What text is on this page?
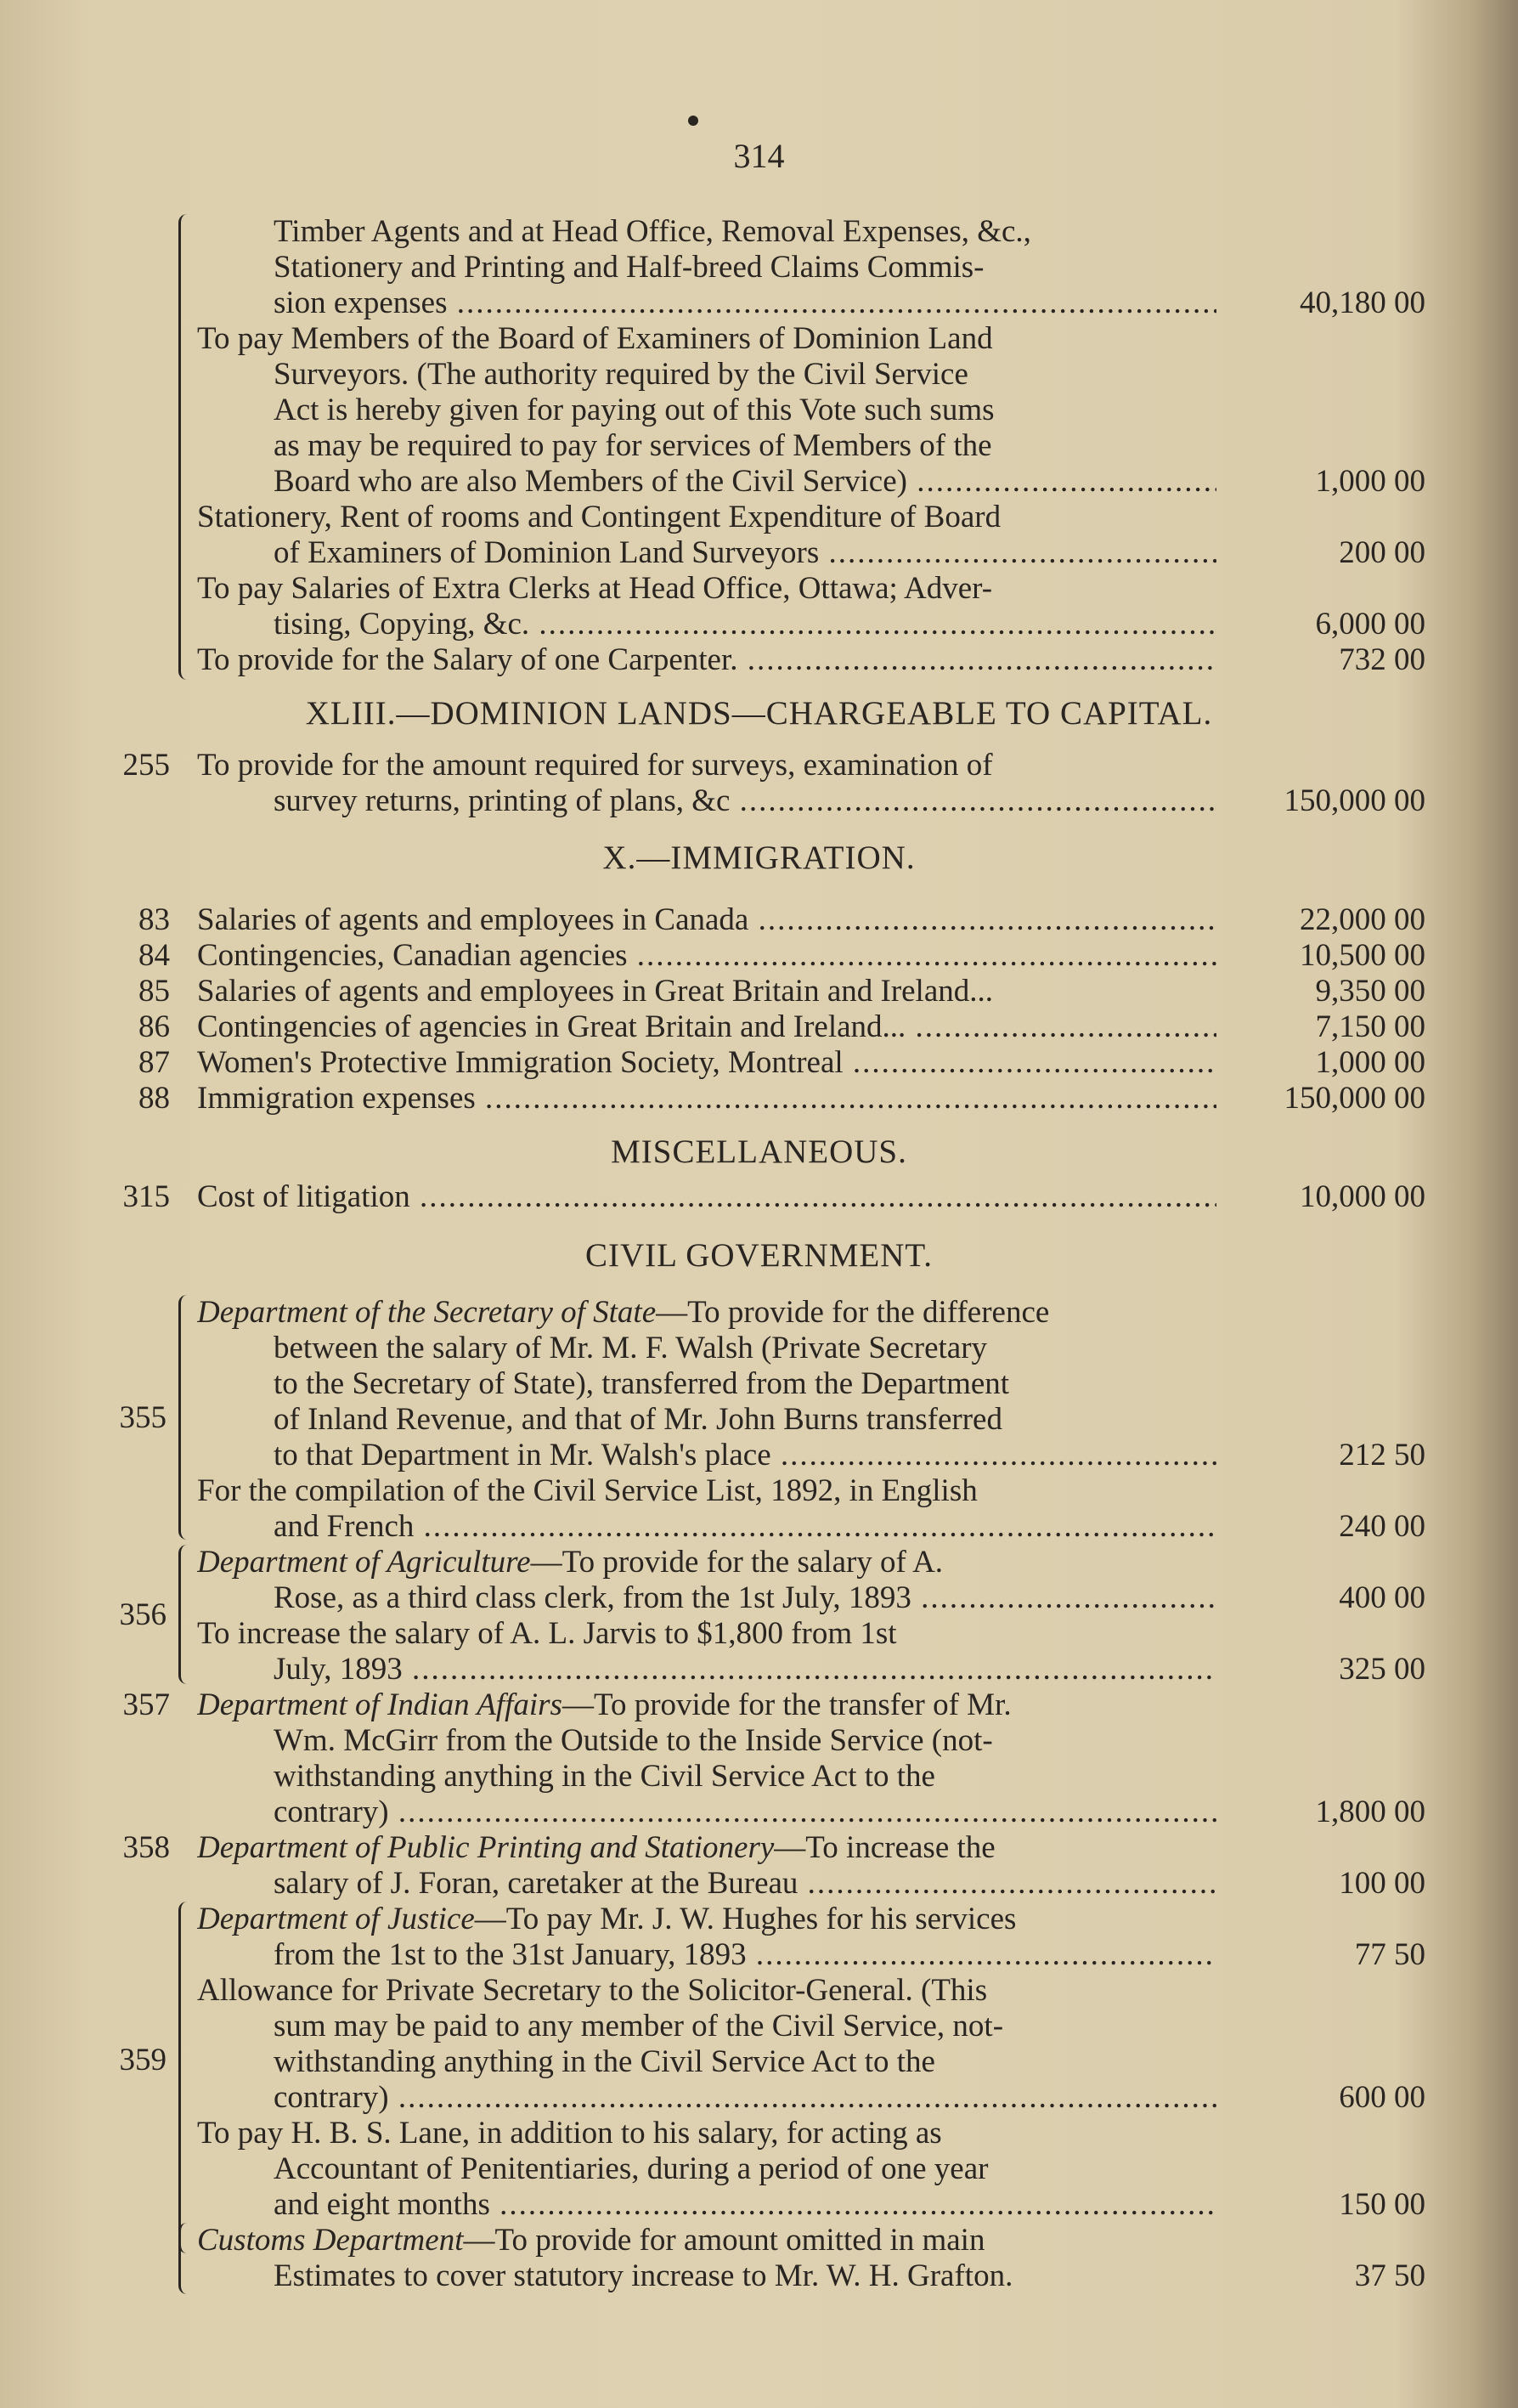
314
Timber Agents and at Head Office, Removal Expenses, &c.,
Stationery and Printing and Half-breed Claims Commis-
sion expenses .....	40,180 00
To pay Members of the Board of Examiners of Dominion Land
Surveyors. (The authority required by the Civil Service
Act is hereby given for paying out of this Vote such sums
as may be required to pay for services of Members of the
Board who are also Members of the Civil Service) .....	1,000 00
Stationery, Rent of rooms and Contingent Expenditure of Board
of Examiners of Dominion Land Surveyors .....	200 00
To pay Salaries of Extra Clerks at Head Office, Ottawa; Adver-
tising, Copying, &c. .....	6,000 00
To provide for the Salary of one Carpenter. .....	732 00
XLIII.—DOMINION LANDS—CHARGEABLE TO CAPITAL.
255 To provide for the amount required for surveys, examination of
survey returns, printing of plans, &c .....	150,000 00
X.—IMMIGRATION.
83 Salaries of agents and employees in Canada .....	22,000 00
84 Contingencies, Canadian agencies .....	10,500 00
85 Salaries of agents and employees in Great Britain and Ireland...	9,350 00
86 Contingencies of agencies in Great Britain and Ireland... .....	7,150 00
87 Women's Protective Immigration Society, Montreal .....	1,000 00
88 Immigration expenses .....	150,000 00
MISCELLANEOUS.
315 Cost of litigation .....	10,000 00
CIVIL GOVERNMENT.
355
Department of the Secretary of State—To provide for the difference
between the salary of Mr. M. F. Walsh (Private Secretary
to the Secretary of State), transferred from the Department
of Inland Revenue, and that of Mr. John Burns transferred
to that Department in Mr. Walsh's place .....	212 50
For the compilation of the Civil Service List, 1892, in English
and French .....	240 00
356
Department of Agriculture—To provide for the salary of A.
Rose, as a third class clerk, from the 1st July, 1893 .....	400 00
To increase the salary of A. L. Jarvis to $1,800 from 1st
July, 1893 .....	325 00
357 Department of Indian Affairs—To provide for the transfer of Mr.
Wm. McGirr from the Outside to the Inside Service (not-
withstanding anything in the Civil Service Act to the
contrary) .....	1,800 00
358 Department of Public Printing and Stationery—To increase the
salary of J. Foran, caretaker at the Bureau .....	100 00
359
Department of Justice—To pay Mr. J. W. Hughes for his services
from the 1st to the 31st January, 1893 .....	77 50
Allowance for Private Secretary to the Solicitor-General. (This
sum may be paid to any member of the Civil Service, not-
withstanding anything in the Civil Service Act to the
contrary) .....	600 00
To pay H. B. S. Lane, in addition to his salary, for acting as
Accountant of Penitentiaries, during a period of one year
and eight months .....	150 00
Customs Department—To provide for amount omitted in main
Estimates to cover statutory increase to Mr. W. H. Grafton.	37 50
